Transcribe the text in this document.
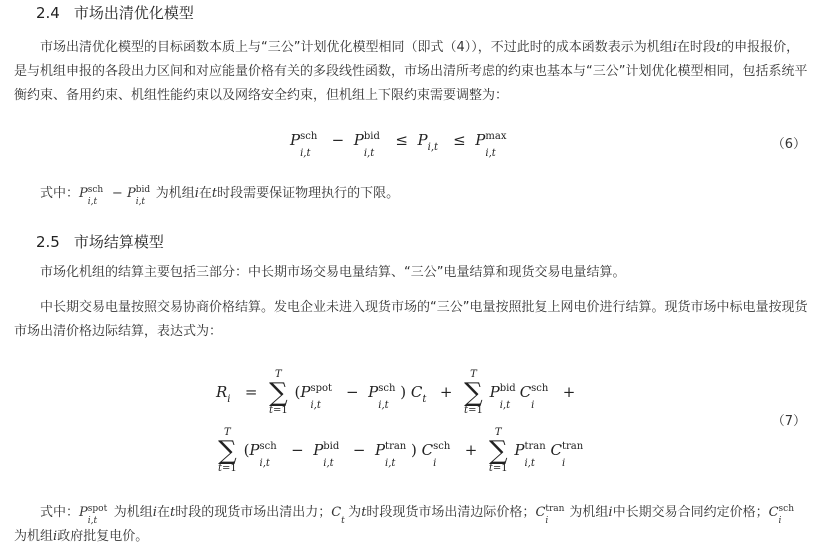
2.4 市场出清优化模型
市场出清优化模型的目标函数本质上与“三公”计划优化模型相同（即式（4）），不过此时的成本函数表示为机组i在时段t的申报报价，是与机组申报的各段出力区间和对应能量价格有关的多段线性函数，市场出清所考虑的约束也基本与“三公”计划优化模型相同，包括系统平衡约束、备用约束、机组性能约束以及网络安全约束，但机组上下限约束需要调整为：
P sch
i,t
−  P bid
i,t
≤  P i,t ≤  P max
i,t
（6）
式中：P sch
i,t
− P bid
i,t
为机组i在t时段需要保证物理执行的下限。
2.5 市场结算模型
市场化机组的结算主要包括三部分：中长期市场交易电量结算、“三公”电量结算和现货交易电量结算。
中长期交易电量按照交易协商价格结算。发电企业未进入现货市场的“三公”电量按照批复上网电价进行结算。现货市场中标电量按现货市场出清价格边际结算，表达式为：
R i =
T
∑
t=1
(P spot
i,t
−  P sch
i,t
) C t +
T
∑
t=1
P bid
i,t
C sch
i
+
T
∑
t=1
(P sch
i,t
−  P bid
i,t
−  P tran
i,t
) C sch
i
+
T
∑
t=1
P tran
i,t
C tran
i
（7）
式中：P spot
i,t
为机组i在t时段的现货市场出清出力；C
t
为t时段现货市场出清边际价格；C tran
i
为机组i中长期交易合同约定价格；C sch
i
为机组i政府批复电价。
